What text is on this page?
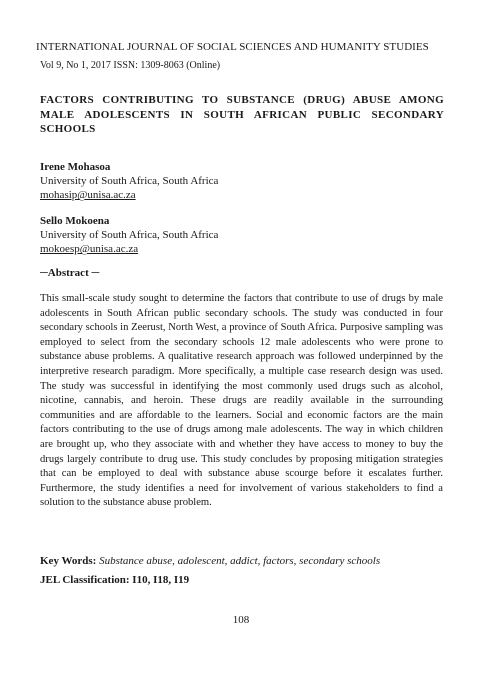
INTERNATIONAL JOURNAL OF SOCIAL SCIENCES AND HUMANITY STUDIES
Vol 9, No 1, 2017 ISSN: 1309-8063 (Online)

FACTORS CONTRIBUTING TO SUBSTANCE (DRUG) ABUSE AMONG MALE ADOLESCENTS IN SOUTH AFRICAN PUBLIC SECONDARY SCHOOLS

Irene Mohasoa
University of South Africa, South Africa
mohasip@unisa.ac.za
Sello Mokoena
University of South Africa, South Africa
mokoesp@unisa.ac.za
─Abstract ─

This small-scale study sought to determine the factors that contribute to use of drugs by male adolescents in South African public secondary schools. The study was conducted in four secondary schools in Zeerust, North West, a province of South Africa. Purposive sampling was employed to select from the secondary schools 12 male adolescents who were prone to substance abuse problems. A qualitative research approach was followed underpinned by the interpretive research paradigm. More specifically, a multiple case research design was used. The study was successful in identifying the most commonly used drugs such as alcohol, nicotine, cannabis, and heroin. These drugs are readily available in the surrounding communities and are affordable to the learners. Social and economic factors are the main factors contributing to the use of drugs among male adolescents. The way in which children are brought up, who they associate with and whether they have access to money to buy the drugs largely contribute to drug use. This study concludes by proposing mitigation strategies that can be employed to deal with substance abuse scourge before it escalates further. Furthermore, the study identifies a need for involvement of various stakeholders to find a solution to the substance abuse problem.

Key Words: Substance abuse, adolescent, addict, factors, secondary schools
JEL Classification: I10, I18, I19
108
